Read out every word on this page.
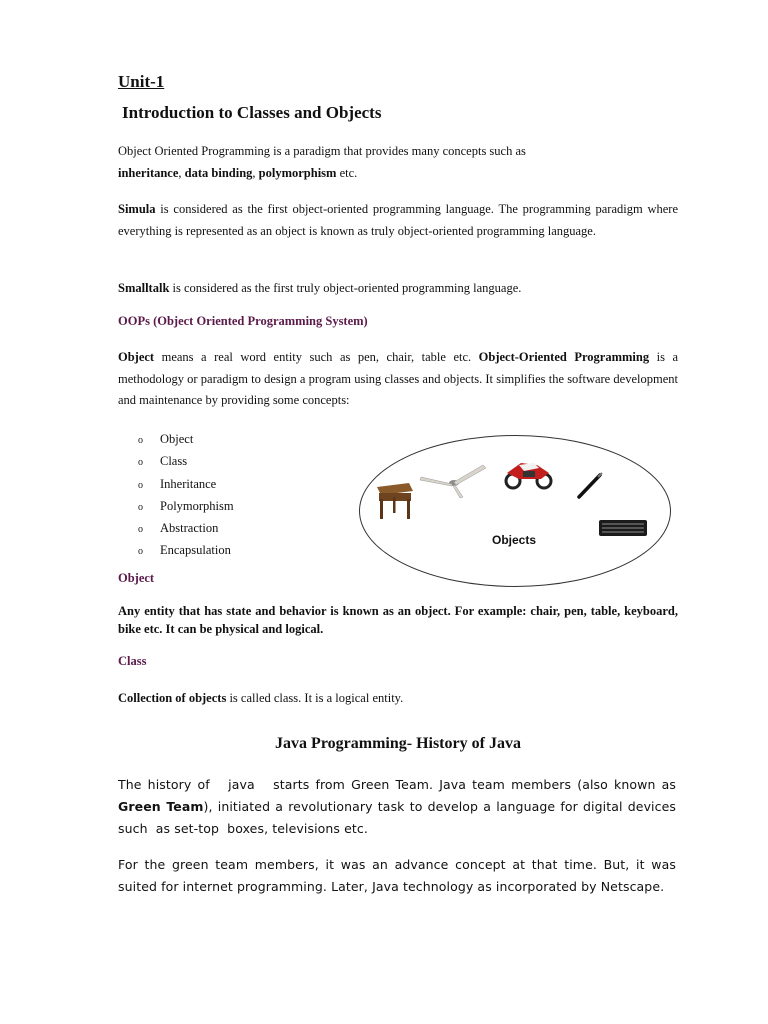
Unit-1
Introduction to Classes and Objects
Object Oriented Programming is a paradigm that provides many concepts such as
inheritance, data binding, polymorphism etc.
Simula is considered as the first object-oriented programming language. The programming paradigm where everything is represented as an object is known as truly object-oriented programming language.
Smalltalk is considered as the first truly object-oriented programming language.
OOPs (Object Oriented Programming System)
Object means a real word entity such as pen, chair, table etc. Object-Oriented Programming is a methodology or paradigm to design a program using classes and objects. It simplifies the software development and maintenance by providing some concepts:
o Object
o Class
o Inheritance
o Polymorphism
o Abstraction
o Encapsulation
Objects
Object
Any entity that has state and behavior is known as an object. For example: chair, pen, table, keyboard, bike etc. It can be physical and logical.
Class
Collection of objects is called class. It is a logical entity.
Java Programming- History of Java
The history of   java   starts from Green Team. Java team members (also known as Green Team), initiated a revolutionary task to develop a language for digital devices such  as set-top  boxes, televisions etc.
For the green team members, it was an advance concept at that time. But, it was suited for internet programming. Later, Java technology as incorporated by Netscape.
